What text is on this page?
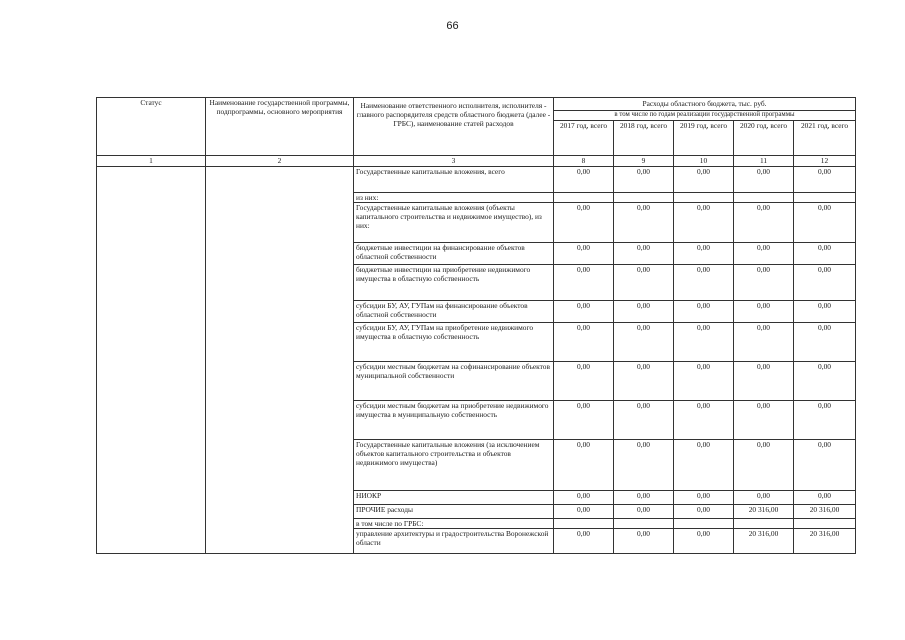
66
Статус	Наименование государственной программы, подпрограммы, основного мероприятия	Наименование ответственного исполнителя, исполнителя - главного распорядителя средств областного бюджета (далее - ГРБС), наименование статей расходов	Расходы областного бюджета, тыс. руб.				
			в том числе по годам реализации государственной программы				
			2017 год, всего	2018 год, всего	2019 год, всего	2020 год, всего	2021 год, всего
1	2	3	8	9	10	11	12
		Государственные капитальные вложения, всего	0,00	0,00	0,00	0,00	0,00
		из них:					
		Государственные капитальные вложения (объекты капитального строительства и недвижимое имущество), из них:	0,00	0,00	0,00	0,00	0,00
		бюджетные инвестиции на финансирование объектов областной собственности	0,00	0,00	0,00	0,00	0,00
		бюджетные инвестиции на приобретение недвижимого имущества в областную собственность	0,00	0,00	0,00	0,00	0,00
		субсидии БУ, АУ, ГУПам на финансирование объектов областной собственности	0,00	0,00	0,00	0,00	0,00
		субсидии БУ, АУ, ГУПам на приобретение недвижимого имущества в областную собственность	0,00	0,00	0,00	0,00	0,00
		субсидии местным бюджетам на софинансирование объектов муниципальной собственности	0,00	0,00	0,00	0,00	0,00
		субсидии местным бюджетам на приобретение недвижимого имущества в муниципальную собственность	0,00	0,00	0,00	0,00	0,00
		Государственные капитальные вложения (за исключением объектов капитального строительства и объектов недвижимого имущества)	0,00	0,00	0,00	0,00	0,00
		НИОКР	0,00	0,00	0,00	0,00	0,00
		ПРОЧИЕ расходы	0,00	0,00	0,00	20 316,00	20 316,00
		в том числе по ГРБС:					
		управление архитектуры и градостроительства Воронежской области	0,00	0,00	0,00	20 316,00	20 316,00
